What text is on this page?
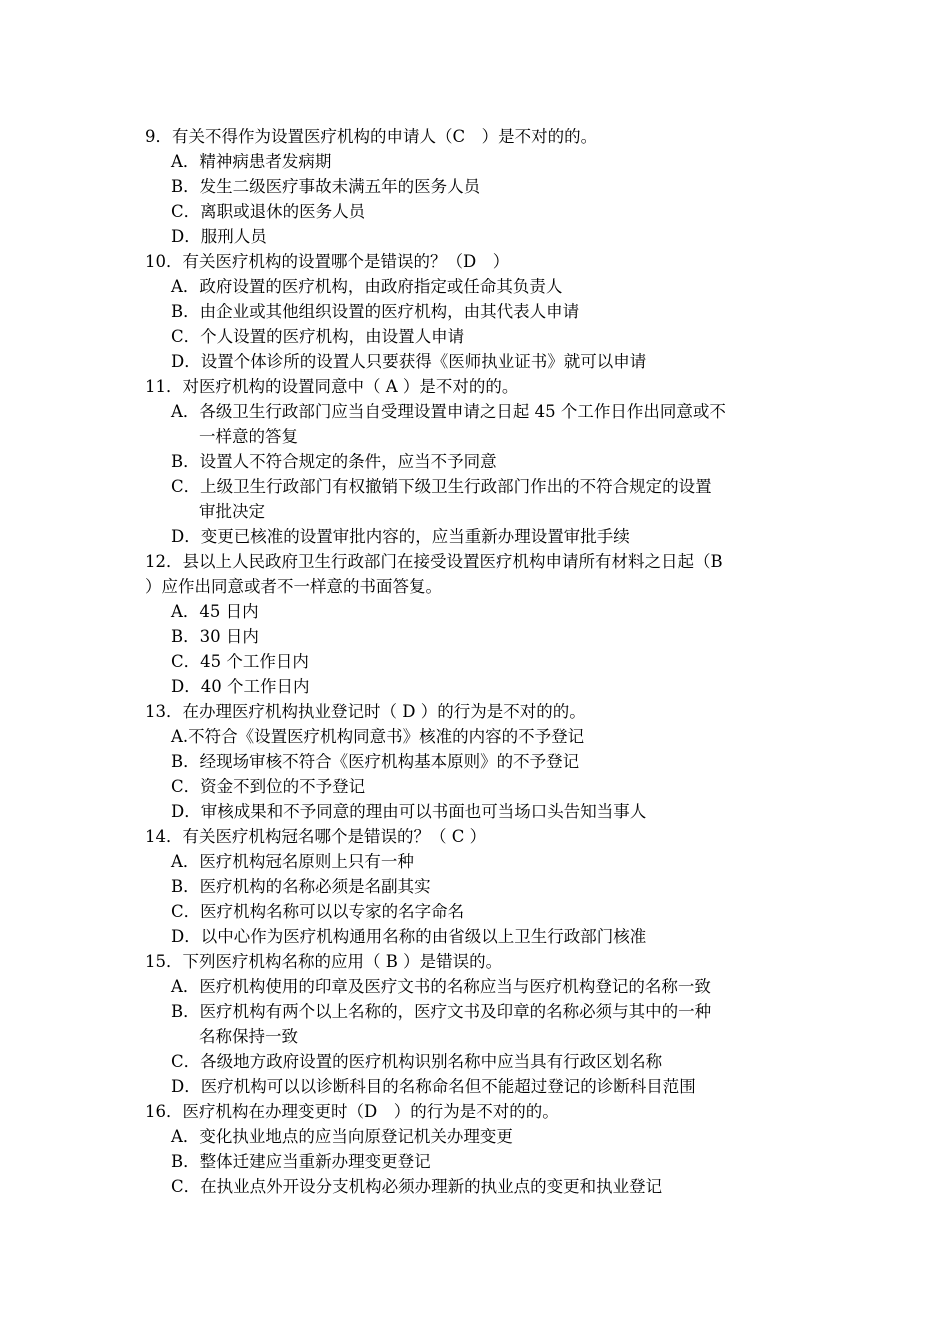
9．有关不得作为设置医疗机构的申请人（C　）是不对的的。
A．精神病患者发病期
B．发生二级医疗事故未满五年的医务人员
C．离职或退休的医务人员
D．服刑人员
10．有关医疗机构的设置哪个是错误的？（D　）
A．政府设置的医疗机构，由政府指定或任命其负责人
B．由企业或其他组织设置的医疗机构，由其代表人申请
C．个人设置的医疗机构，由设置人申请
D．设置个体诊所的设置人只要获得《医师执业证书》就可以申请
11．对医疗机构的设置同意中（ A ）是不对的的。
A．各级卫生行政部门应当自受理设置申请之日起 45 个工作日作出同意或不
一样意的答复
B．设置人不符合规定的条件，应当不予同意
C．上级卫生行政部门有权撤销下级卫生行政部门作出的不符合规定的设置
审批决定
D．变更已核准的设置审批内容的，应当重新办理设置审批手续
12．县以上人民政府卫生行政部门在接受设置医疗机构申请所有材料之日起（B
）应作出同意或者不一样意的书面答复。
A．45 日内
B．30 日内
C．45 个工作日内
D．40 个工作日内
13．在办理医疗机构执业登记时（ D ）的行为是不对的的。
A.不符合《设置医疗机构同意书》核准的内容的不予登记
B．经现场审核不符合《医疗机构基本原则》的不予登记
C．资金不到位的不予登记
D．审核成果和不予同意的理由可以书面也可当场口头告知当事人
14．有关医疗机构冠名哪个是错误的？（ C ）
A．医疗机构冠名原则上只有一种
B．医疗机构的名称必须是名副其实
C．医疗机构名称可以以专家的名字命名
D．以中心作为医疗机构通用名称的由省级以上卫生行政部门核准
15．下列医疗机构名称的应用（ B ）是错误的。
A．医疗机构使用的印章及医疗文书的名称应当与医疗机构登记的名称一致
B．医疗机构有两个以上名称的，医疗文书及印章的名称必须与其中的一种
名称保持一致
C．各级地方政府设置的医疗机构识别名称中应当具有行政区划名称
D．医疗机构可以以诊断科目的名称命名但不能超过登记的诊断科目范围
16．医疗机构在办理变更时（D　）的行为是不对的的。
A．变化执业地点的应当向原登记机关办理变更
B．整体迁建应当重新办理变更登记
C．在执业点外开设分支机构必须办理新的执业点的变更和执业登记
